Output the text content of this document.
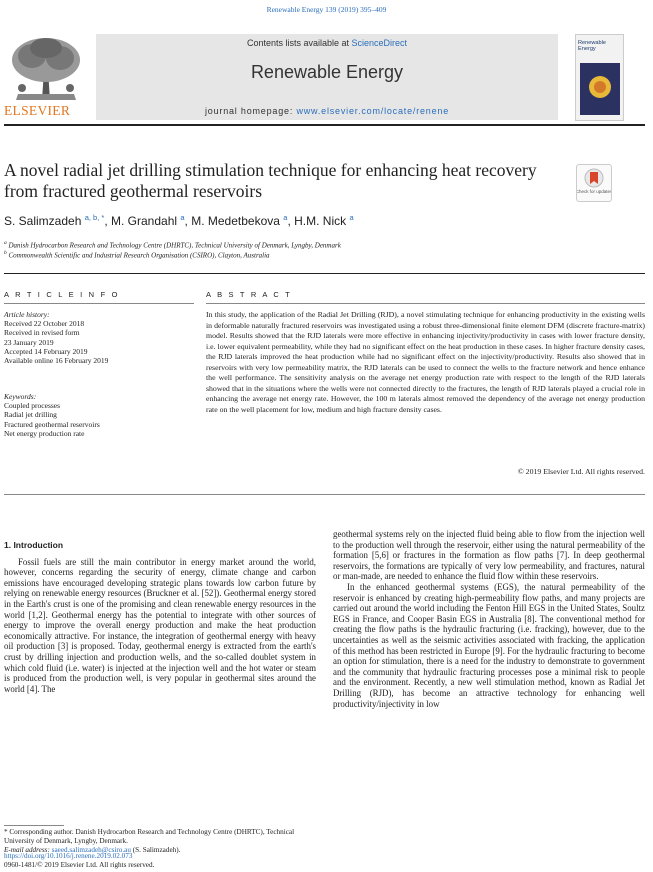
Renewable Energy 139 (2019) 395–409
ELSEVIER
Contents lists available at ScienceDirect
Renewable Energy
journal homepage: www.elsevier.com/locate/renene
Renewable Energy
A novel radial jet drilling stimulation technique for enhancing heat recovery from fractured geothermal reservoirs	Check for updates
S. Salimzadeh $^{a, b, *}$, M. Grandahl $^a$, M. Medetbekova $^a$, H.M. Nick $^a$
$^a$ Danish Hydrocarbon Research and Technology Centre (DHRTC), Technical University of Denmark, Lyngby, Denmark
$^b$ Commonwealth Scientific and Industrial Research Organisation (CSIRO), Clayton, Australia
A R T I C L E I N F O	A B S T R A C T
Article history:
Received 22 October 2018
Received in revised form
23 January 2019
Accepted 14 February 2019
Available online 16 February 2019
Keywords:
Coupled processes
Radial jet drilling
Fractured geothermal reservoirs
Net energy production rate
In this study, the application of the Radial Jet Drilling (RJD), a novel stimulating technique for enhancing productivity in the existing wells in deformable naturally fractured reservoirs was investigated using a robust three-dimensional finite element DFM (discrete fracture-matrix) model. Results showed that the RJD laterals were more effective in enhancing injectivity/productivity in cases with lower fracture density, i.e. lower equivalent permeability, while they had no significant effect on the heat production in these cases. In higher fracture density cases, the RJD laterals improved the heat production while had no significant effect on the injectivity/productivity. Results also showed that in reservoirs with very low permeability matrix, the RJD laterals can be used to connect the wells to the fracture network and hence enhance the well performance. The sensitivity analysis on the average net energy production rate with respect to the length of the RJD laterals showed that in the situations where the wells were not connected directly to the fractures, the length of RJD laterals played a crucial role in enhancing the average net energy rate. However, the 100 m laterals almost removed the dependency of the average net energy production rate on the well placement for low, medium and high fracture density cases.
© 2019 Elsevier Ltd. All rights reserved.
1. Introduction

Fossil fuels are still the main contributor in energy market around the world, however, concerns regarding the security of energy, climate change and carbon emissions have encouraged developing strategic plans towards low carbon future by relying on renewable energy resources (Bruckner et al. [52]). Geothermal energy stored in the Earth's crust is one of the promising and clean renewable energy resources in the world [1,2]. Geothermal energy has the potential to integrate with other sources of energy to improve the overall energy production and make the heat production economically attractive. For instance, the integration of geothermal energy with heavy oil production [3] is proposed. Today, geothermal energy is extracted from the earth's crust by drilling injection and production wells, and the so-called doublet system in which cold fluid (i.e. water) is injected at the injection well and the hot water or steam is produced from the production well, is very popular in geothermal sites around the world [4]. The

geothermal systems rely on the injected fluid being able to flow from the injection well to the production well through the reservoir, either using the natural permeability of the formation [5,6] or fractures in the formation as flow paths [7]. In deep geothermal reservoirs, the formations are typically of very low permeability, and fractures, natural or man-made, are needed to enhance the fluid flow within these reservoirs.

In the enhanced geothermal systems (EGS), the natural permeability of the reservoir is enhanced by creating high-permeability flow paths, and many projects are carried out around the world including the Fenton Hill EGS in the United States, Soultz EGS in France, and Cooper Basin EGS in Australia [8]. The conventional method for creating the flow paths is the hydraulic fracturing (i.e. fracking), however, due to the uncertainties as well as the seismic activities associated with fracking, the application of this method has been restricted in Europe [9]. For the hydraulic fracturing to become an option for stimulation, there is a need for the industry to demonstrate to government and the community that hydraulic fracturing processes pose a minimal risk to people and the environment. Recently, a new well stimulation method, known as Radial Jet Drilling (RJD), has become an attractive technology for enhancing well productivity/injectivity in low

* Corresponding author. Danish Hydrocarbon Research and Technology Centre (DHRTC), Technical University of Denmark, Lyngby, Denmark.
E-mail address: saeed.salimzadeh@csiro.au (S. Salimzadeh).
https://doi.org/10.1016/j.renene.2019.02.073
0960-1481/© 2019 Elsevier Ltd. All rights reserved.
